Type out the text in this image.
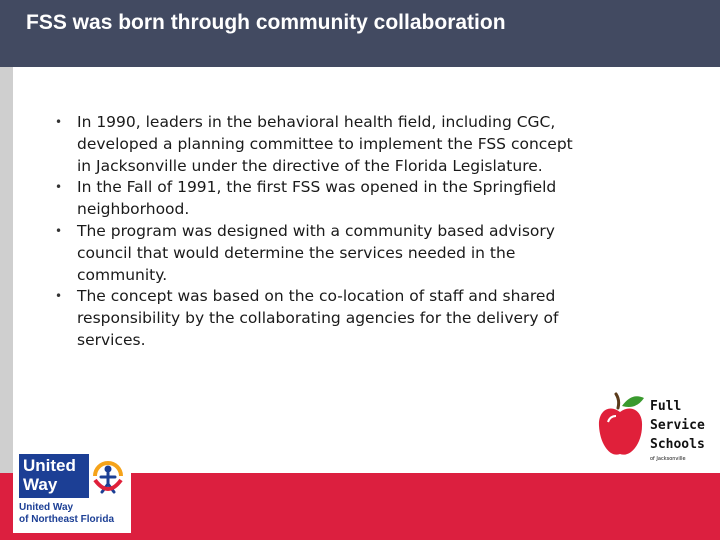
FSS was born through community collaboration
• In 1990, leaders in the behavioral health field, including CGC, developed a planning committee to implement the FSS concept in Jacksonville under the directive of the Florida Legislature.
• In the Fall of 1991, the first FSS was opened in the Springfield neighborhood.
• The program was designed with a community based advisory council that would determine the services needed in the community.
• The concept was based on the co-location of staff and shared responsibility by the collaborating agencies for the delivery of services.
United
Way
United Way
of Northeast Florida
Full
Service
Schools
of Jacksonville
